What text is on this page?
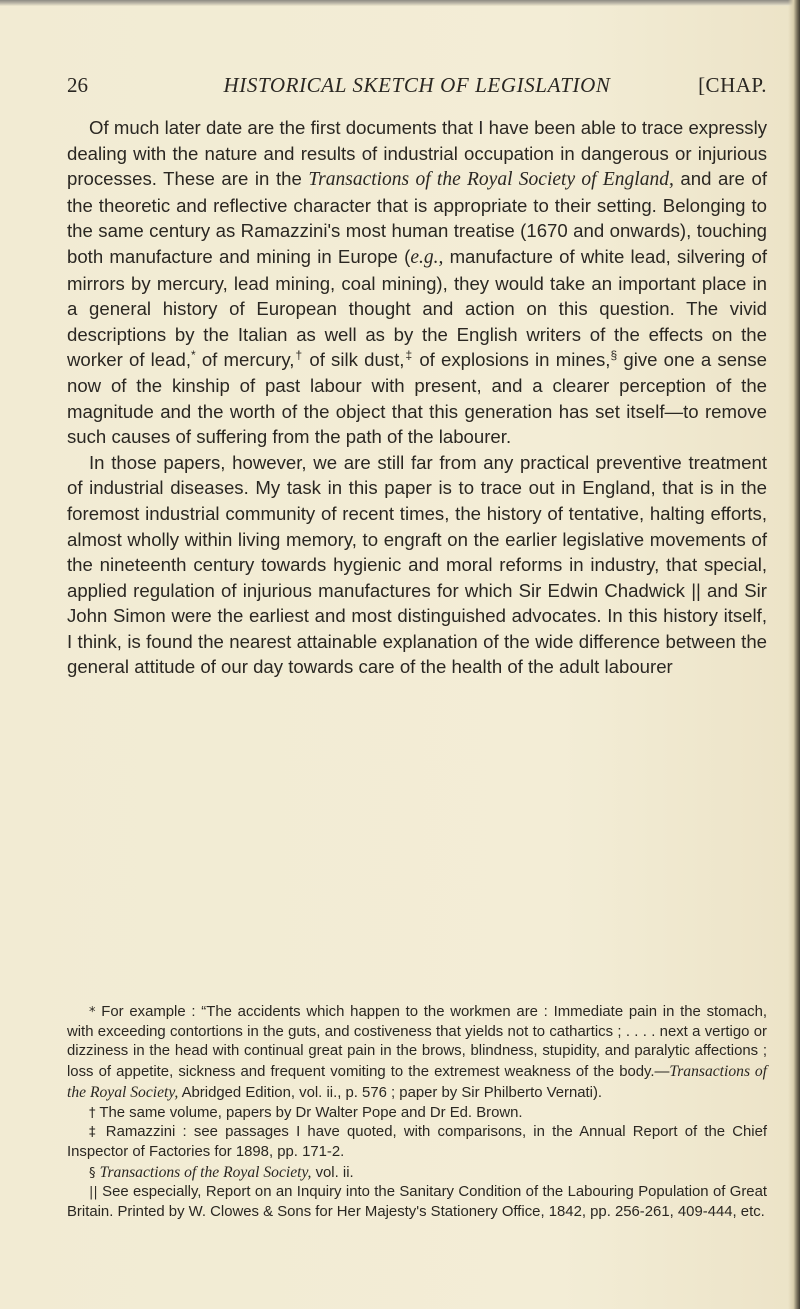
26	HISTORICAL SKETCH OF LEGISLATION	[CHAP.

Of much later date are the first documents that I have been able to trace expressly dealing with the nature and results of industrial occupation in dangerous or injurious processes. These are in the Transactions of the Royal Society of England, and are of the theoretic and reflective character that is appropriate to their setting. Belonging to the same century as Ramazzini's most human treatise (1670 and onwards), touching both manufacture and mining in Europe (e.g., manufacture of white lead, silvering of mirrors by mercury, lead mining, coal mining), they would take an important place in a general history of European thought and action on this question. The vivid descriptions by the Italian as well as by the English writers of the effects on the worker of lead,* of mercury,† of silk dust,‡ of explosions in mines,§ give one a sense now of the kinship of past labour with present, and a clearer perception of the magnitude and the worth of the object that this generation has set itself—to remove such causes of suffering from the path of the labourer.

In those papers, however, we are still far from any practical preventive treatment of industrial diseases. My task in this paper is to trace out in England, that is in the foremost industrial community of recent times, the history of tentative, halting efforts, almost wholly within living memory, to engraft on the earlier legislative movements of the nineteenth century towards hygienic and moral reforms in industry, that special, applied regulation of injurious manufactures for which Sir Edwin Chadwick || and Sir John Simon were the earliest and most distinguished advocates. In this history itself, I think, is found the nearest attainable explanation of the wide difference between the general attitude of our day towards care of the health of the adult labourer

* For example : “The accidents which happen to the workmen are : Immediate pain in the stomach, with exceeding contortions in the guts, and costiveness that yields not to cathartics ; . . . . next a vertigo or dizziness in the head with continual great pain in the brows, blindness, stupidity, and paralytic affections ; loss of appetite, sickness and frequent vomiting to the extremest weakness of the body.—Transactions of the Royal Society, Abridged Edition, vol. ii., p. 576 ; paper by Sir Philberto Vernati).

† The same volume, papers by Dr Walter Pope and Dr Ed. Brown.

‡ Ramazzini : see passages I have quoted, with comparisons, in the Annual Report of the Chief Inspector of Factories for 1898, pp. 171-2.

§ Transactions of the Royal Society, vol. ii.

|| See especially, Report on an Inquiry into the Sanitary Condition of the Labouring Population of Great Britain. Printed by W. Clowes & Sons for Her Majesty's Stationery Office, 1842, pp. 256-261, 409-444, etc.
